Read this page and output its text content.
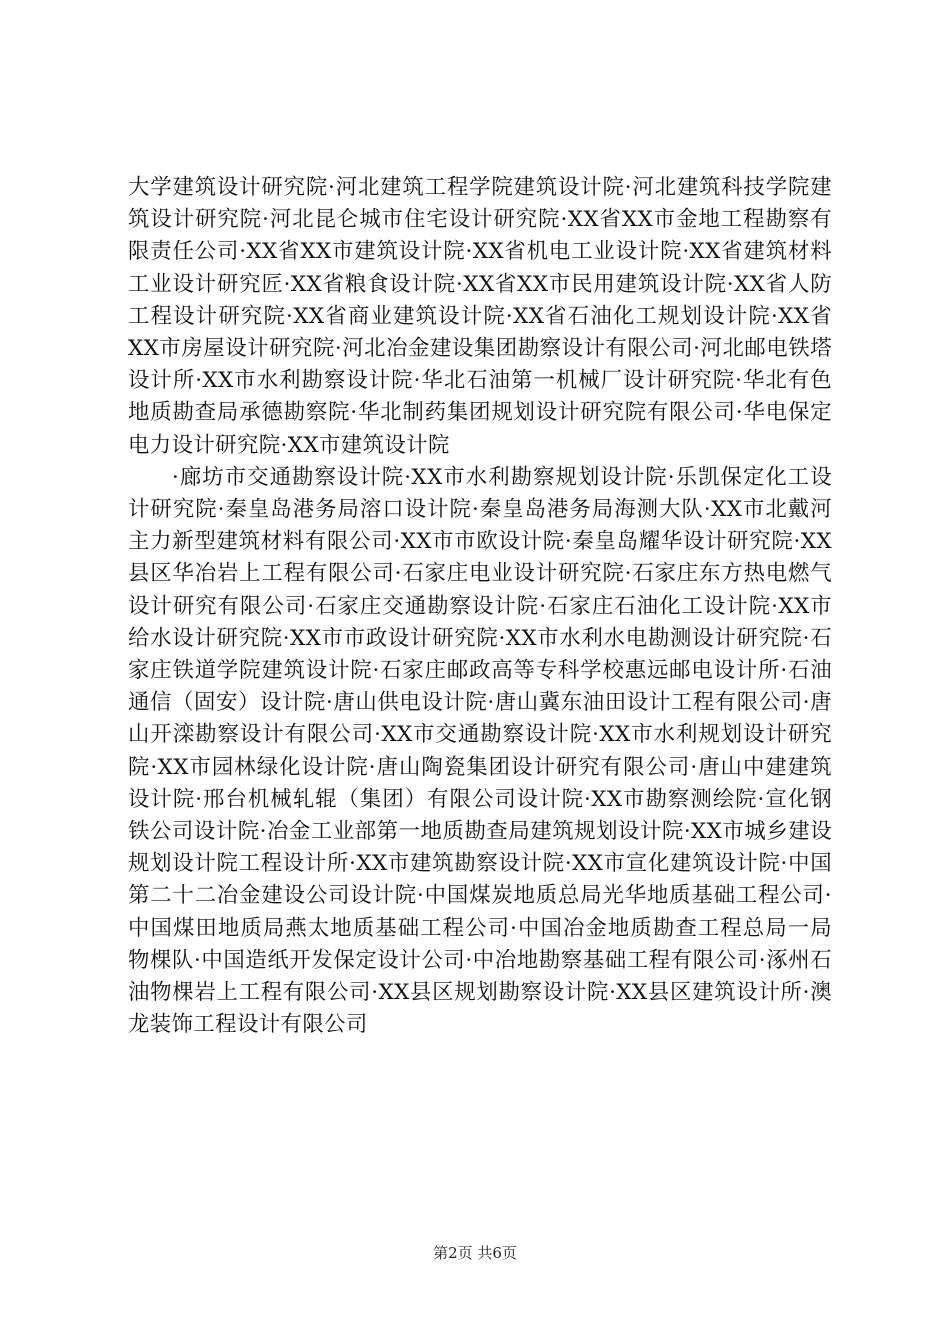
大学建筑设计研究院·河北建筑工程学院建筑设计院·河北建筑科技学院建筑设计研究院·河北昆仑城市住宅设计研究院·XX省XX市金地工程勘察有限责任公司·XX省XX市建筑设计院·XX省机电工业设计院·XX省建筑材料工业设计研究匠·XX省粮食设计院·XX省XX市民用建筑设计院·XX省人防工程设计研究院·XX省商业建筑设计院·XX省石油化工规划设计院·XX省XX市房屋设计研究院·河北冶金建设集团勘察设计有限公司·河北邮电铁塔设计所·XX市水利勘察设计院·华北石油第一机械厂设计研究院·华北有色地质勘查局承德勘察院·华北制药集团规划设计研究院有限公司·华电保定电力设计研究院·XX市建筑设计院

·廊坊市交通勘察设计院·XX市水利勘察规划设计院·乐凯保定化工设计研究院·秦皇岛港务局溶口设计院·秦皇岛港务局海测大队·XX市北戴河主力新型建筑材料有限公司·XX市市欧设计院·秦皇岛耀华设计研究院·XX县区华冶岩上工程有限公司·石家庄电业设计研究院·石家庄东方热电燃气设计研究有限公司·石家庄交通勘察设计院·石家庄石油化工设计院·XX市给水设计研究院·XX市市政设计研究院·XX市水利水电勘测设计研究院·石家庄铁道学院建筑设计院·石家庄邮政高等专科学校惠远邮电设计所·石油通信（固安）设计院·唐山供电设计院·唐山冀东油田设计工程有限公司·唐山开滦勘察设计有限公司·XX市交通勘察设计院·XX市水利规划设计研究院·XX市园林绿化设计院·唐山陶瓷集团设计研究有限公司·唐山中建建筑设计院·邢台机械轧辊（集团）有限公司设计院·XX市勘察测绘院·宣化钢铁公司设计院·冶金工业部第一地质勘查局建筑规划设计院·XX市城乡建设规划设计院工程设计所·XX市建筑勘察设计院·XX市宣化建筑设计院·中国第二十二冶金建设公司设计院·中国煤炭地质总局光华地质基础工程公司·中国煤田地质局燕太地质基础工程公司·中国冶金地质勘查工程总局一局物棵队·中国造纸开发保定设计公司·中冶地勘察基础工程有限公司·涿州石油物棵岩上工程有限公司·XX县区规划勘察设计院·XX县区建筑设计所·澳龙装饰工程设计有限公司

第2页 共6页
